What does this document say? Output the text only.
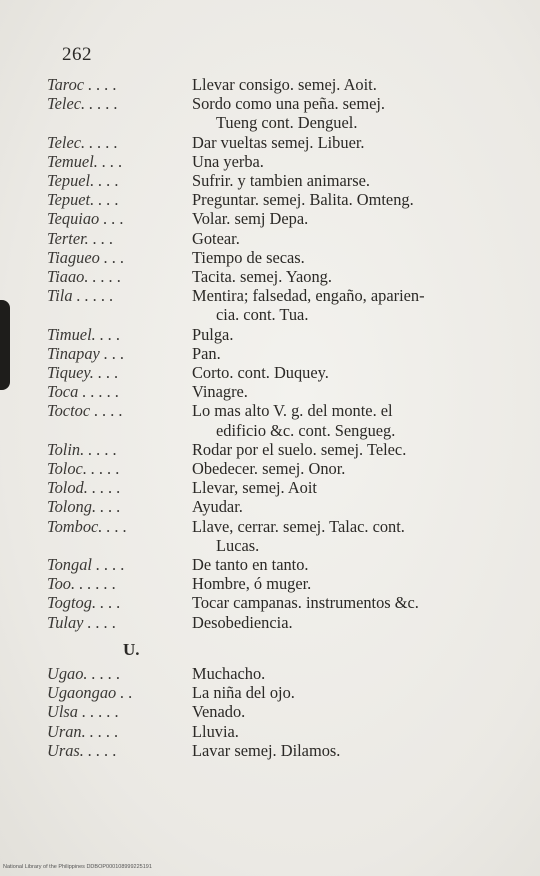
262
Taroc . . . .	Llevar consigo. semej. Aoit.
Telec. . . . .	Sordo como una peña. semej.
Tueng cont. Denguel.
Telec. . . . .	Dar vueltas semej. Libuer.
Temuel. . . .	Una yerba.
Tepuel. . . .	Sufrir. y tambien animarse.
Tepuet. . . .	Preguntar. semej. Balita. Omteng.
Tequiao . . .	Volar. semj Depa.
Terter. . . .	Gotear.
Tiagueo . . .	Tiempo de secas.
Tiaao. . . . .	Tacita. semej. Yaong.
Tila . . . . .	Mentira; falsedad, engaño, aparien-
cia. cont. Tua.
Timuel. . . .	Pulga.
Tinapay . . .	Pan.
Tiquey. . . .	Corto. cont. Duquey.
Toca . . . . .	Vinagre.
Toctoc . . . .	Lo mas alto V. g. del monte. el
edificio &c. cont. Sengueg.
Tolin. . . . .	Rodar por el suelo. semej. Telec.
Toloc. . . . .	Obedecer. semej. Onor.
Tolod. . . . .	Llevar, semej. Aoit
Tolong. . . .	Ayudar.
Tomboc. . . .	Llave, cerrar. semej. Talac. cont.
Lucas.
Tongal . . . .	De tanto en tanto.
Too. . . . . .	Hombre, ó muger.
Togtog. . . .	Tocar campanas. instrumentos &c.
Tulay . . . .	Desobediencia.
U.
Ugao. . . . .	Muchacho.
Ugaongao . .	La niña del ojo.
Ulsa . . . . .	Venado.
Uran. . . . .	Lluvia.
Uras. . . . .	Lavar semej. Dilamos.
National Library of the Philippines DDBOP000108999225191
